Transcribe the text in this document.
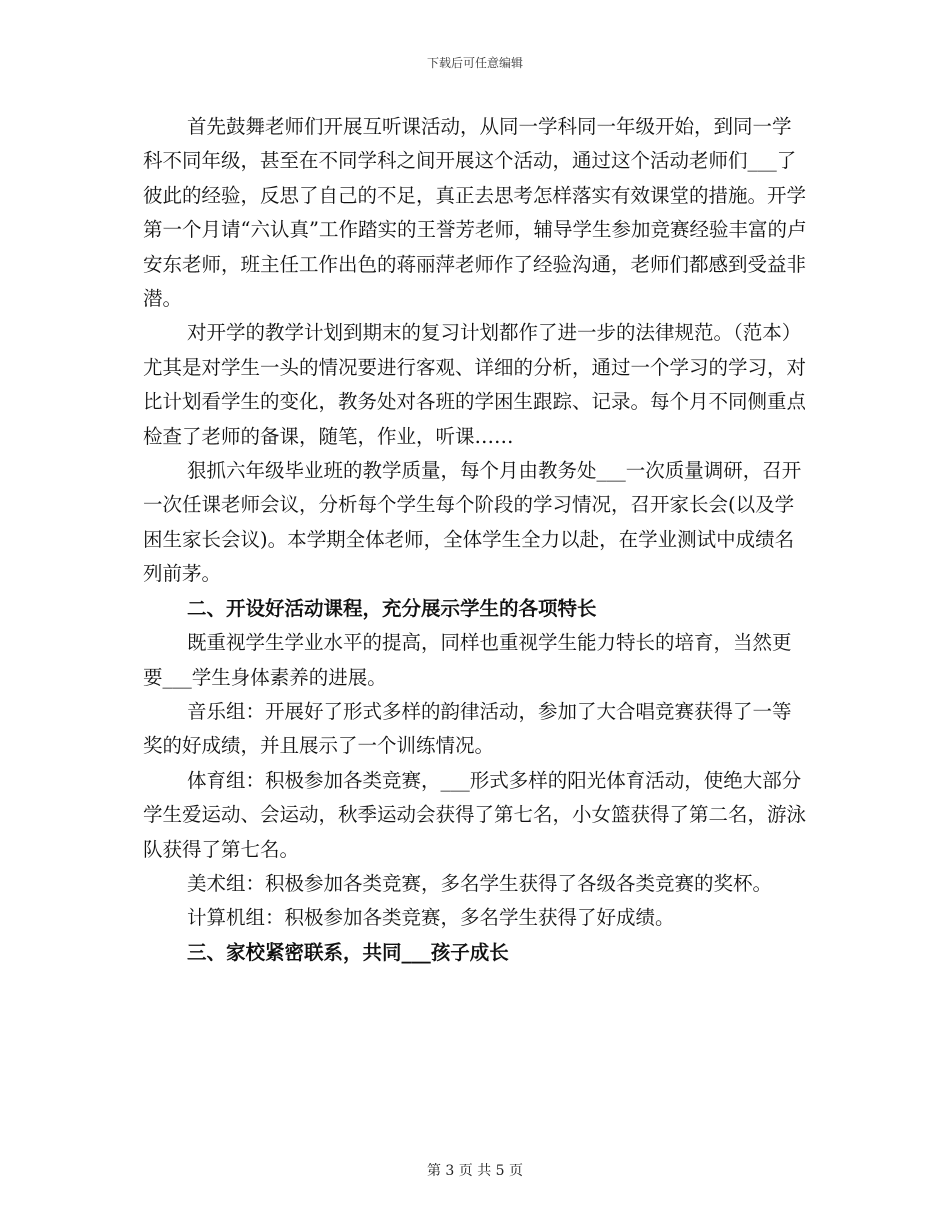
下载后可任意编辑

首先鼓舞老师们开展互听课活动，从同一学科同一年级开始，到同一学科不同年级，甚至在不同学科之间开展这个活动，通过这个活动老师们___了彼此的经验，反思了自己的不足，真正去思考怎样落实有效课堂的措施。开学第一个月请“六认真”工作踏实的王誉芳老师，辅导学生参加竞赛经验丰富的卢安东老师，班主任工作出色的蒋丽萍老师作了经验沟通，老师们都感到受益非潜。

对开学的教学计划到期末的复习计划都作了进一步的法律规范。（范本）尤其是对学生一头的情况要进行客观、详细的分析，通过一个学习的学习，对比计划看学生的变化，教务处对各班的学困生跟踪、记录。每个月不同侧重点检查了老师的备课，随笔，作业，听课……

狠抓六年级毕业班的教学质量，每个月由教务处___一次质量调研，召开一次任课老师会议，分析每个学生每个阶段的学习情况，召开家长会(以及学困生家长会议)。本学期全体老师，全体学生全力以赴，在学业测试中成绩名列前茅。

二、开设好活动课程，充分展示学生的各项特长

既重视学生学业水平的提高，同样也重视学生能力特长的培育，当然更要___学生身体素养的进展。

音乐组：开展好了形式多样的韵律活动，参加了大合唱竞赛获得了一等奖的好成绩，并且展示了一个训练情况。

体育组：积极参加各类竞赛，___形式多样的阳光体育活动，使绝大部分学生爱运动、会运动，秋季运动会获得了第七名，小女篮获得了第二名，游泳队获得了第七名。

美术组：积极参加各类竞赛，多名学生获得了各级各类竞赛的奖杯。

计算机组：积极参加各类竞赛，多名学生获得了好成绩。

三、家校紧密联系，共同___孩子成长

第 3 页 共 5 页
